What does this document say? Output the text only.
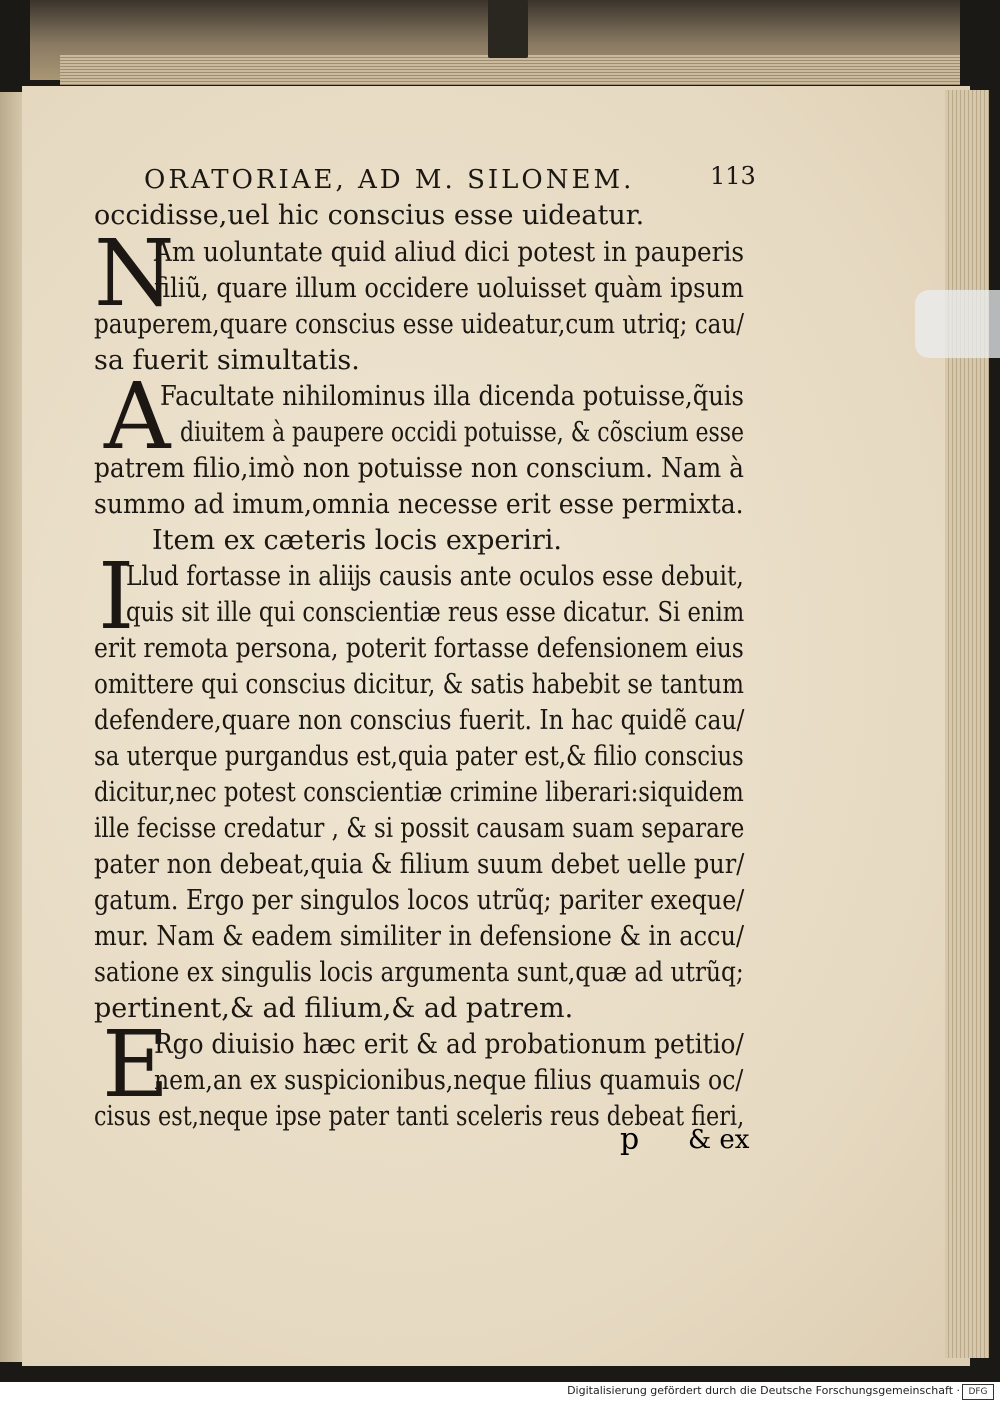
ORATORIAE, AD M. SILONEM.	113
occidisse,uel hic conscius esse uideatur.
N
Am uoluntate quid aliud dici potest in pauperis
filiũ, quare illum occidere uoluisset quàm ipsum
pauperem,quare conscius esse uideatur,cum utriq; cau/
sa fuerit simultatis.
A
Facultate nihilominus illa dicenda potuisse,q̃uis
diuitem à paupere occidi potuisse, & cõscium esse
patrem filio,imò non potuisse non conscium. Nam à
summo ad imum,omnia necesse erit esse permixta.
Item ex cæteris locis experiri.
I
Llud fortasse in aliĳs causis ante oculos esse debuit,
quis sit ille qui conscientiæ reus esse dicatur. Si enim
erit remota persona, poterit fortasse defensionem eius
omittere qui conscius dicitur, & satis habebit se tantum
defendere,quare non conscius fuerit. In hac quidẽ cau/
sa uterque purgandus est,quia pater est,& filio conscius
dicitur,nec potest conscientiæ crimine liberari:siquidem
ille fecisse credatur , & si possit causam suam separare
pater non debeat,quia & filium suum debet uelle pur/
gatum. Ergo per singulos locos utrũq; pariter exeque/
mur. Nam & eadem similiter in defensione & in accu/
satione ex singulis locis argumenta sunt,quæ ad utrũq;
pertinent,& ad filium,& ad patrem.
E
Rgo diuisio hæc erit & ad probationum petitio/
nem,an ex suspicionibus,neque filius quamuis oc/
cisus est,neque ipse pater tanti sceleris reus debeat fieri,
p & ex
Digitalisierung gefördert durch die Deutsche Forschungsgemeinschaft · DFG
